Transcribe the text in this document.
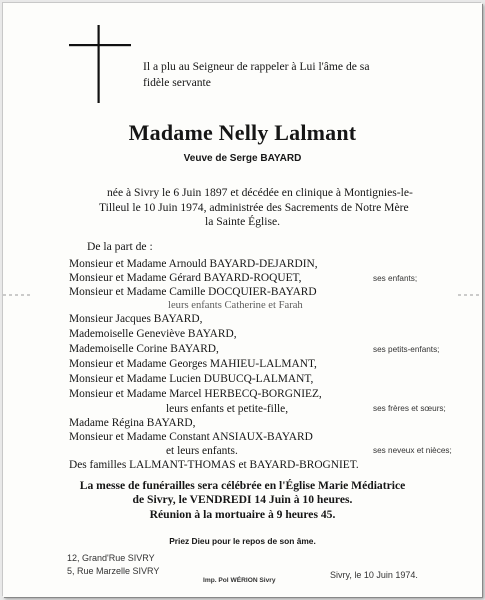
Il a plu au Seigneur de rappeler à Lui l'âme de sa
fidèle servante
Madame Nelly Lalmant
Veuve de Serge BAYARD
née à Sivry le 6 Juin 1897 et décédée en clinique à Montignies-le-
Tilleul le 10 Juin 1974, administrée des Sacrements de Notre Mère
la Sainte Église.
De la part de :
Monsieur et Madame Arnould BAYARD-DEJARDIN,
Monsieur et Madame Gérard BAYARD-ROQUET,	ses enfants;
Monsieur et Madame Camille DOCQUIER-BAYARD
leurs enfants Catherine et Farah
Monsieur Jacques BAYARD,
Mademoiselle Geneviève BAYARD,
Mademoiselle Corine BAYARD,	ses petits-enfants;
Monsieur et Madame Georges MAHIEU-LALMANT,
Monsieur et Madame Lucien DUBUCQ-LALMANT,
Monsieur et Madame Marcel HERBECQ-BORGNIEZ,
leurs enfants et petite-fille,	ses frères et sœurs;
Madame Régina BAYARD,
Monsieur et Madame Constant ANSIAUX-BAYARD
et leurs enfants.	ses neveux et nièces;
Des familles LALMANT-THOMAS et BAYARD-BROGNIET.
La messe de funérailles sera célébrée en l'Église Marie Médiatrice
de Sivry, le VENDREDI 14 Juin à 10 heures.
Réunion à la mortuaire à 9 heures 45.
Priez Dieu pour le repos de son âme.
12, Grand'Rue SIVRY
5, Rue Marzelle SIVRY	Sivry, le 10 Juin 1974.
Imp. Pol WÉRION Sivry
